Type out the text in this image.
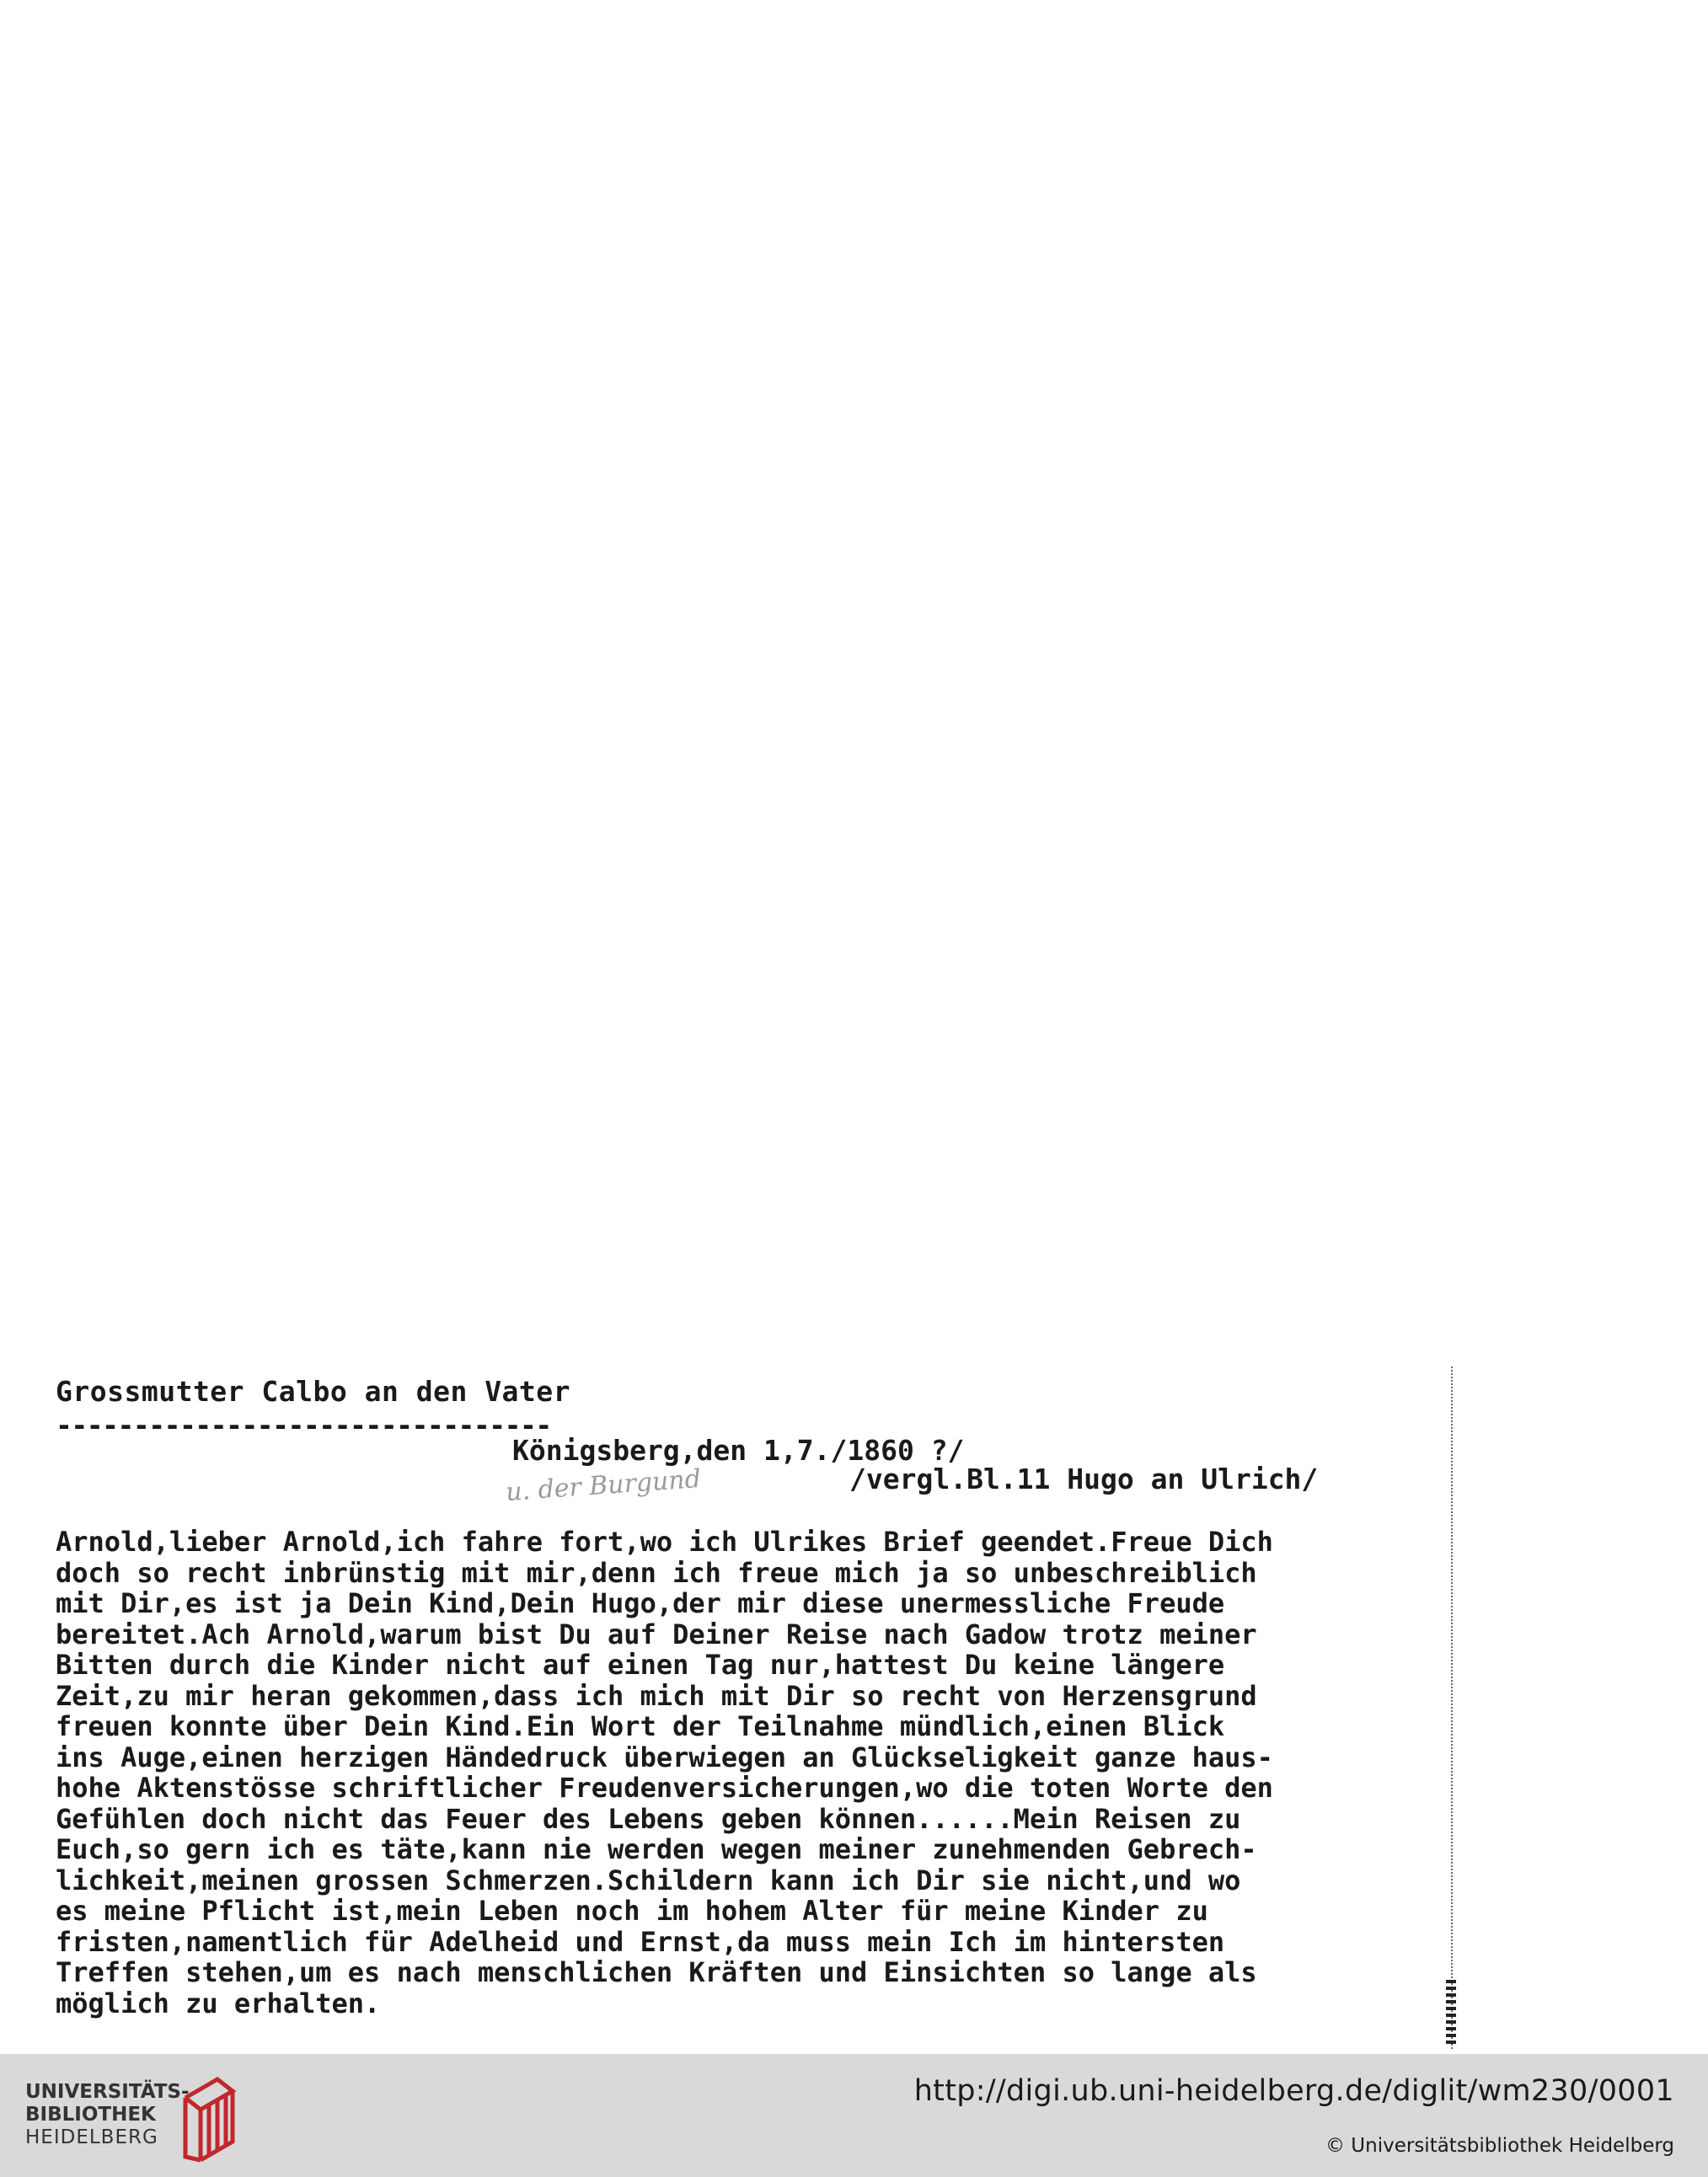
Grossmutter Calbo an den Vater
--------------------------------
Königsberg,den 1,7./1860 ?/
u. der Burgund	/vergl.Bl.11 Hugo an Ulrich/
Arnold,lieber Arnold,ich fahre fort,wo ich Ulrikes Brief geendet.Freue Dich
doch so recht inbrünstig mit mir,denn ich freue mich ja so unbeschreiblich
mit Dir,es ist ja Dein Kind,Dein Hugo,der mir diese unermessliche Freude
bereitet.Ach Arnold,warum bist Du auf Deiner Reise nach Gadow trotz meiner
Bitten durch die Kinder nicht auf einen Tag nur,hattest Du keine längere
Zeit,zu mir heran gekommen,dass ich mich mit Dir so recht von Herzensgrund
freuen konnte über Dein Kind.Ein Wort der Teilnahme mündlich,einen Blick
ins Auge,einen herzigen Händedruck überwiegen an Glückseligkeit ganze haus-
hohe Aktenstösse schriftlicher Freudenversicherungen,wo die toten Worte den
Gefühlen doch nicht das Feuer des Lebens geben können......Mein Reisen zu
Euch,so gern ich es täte,kann nie werden wegen meiner zunehmenden Gebrech-
lichkeit,meinen grossen Schmerzen.Schildern kann ich Dir sie nicht,und wo
es meine Pflicht ist,mein Leben noch im hohem Alter für meine Kinder zu
fristen,namentlich für Adelheid und Ernst,da muss mein Ich im hintersten
Treffen stehen,um es nach menschlichen Kräften und Einsichten so lange als
möglich zu erhalten.
UNIVERSITÄTS-
BIBLIOTHEK
HEIDELBERG
http://digi.ub.uni-heidelberg.de/diglit/wm230/0001
© Universitätsbibliothek Heidelberg
